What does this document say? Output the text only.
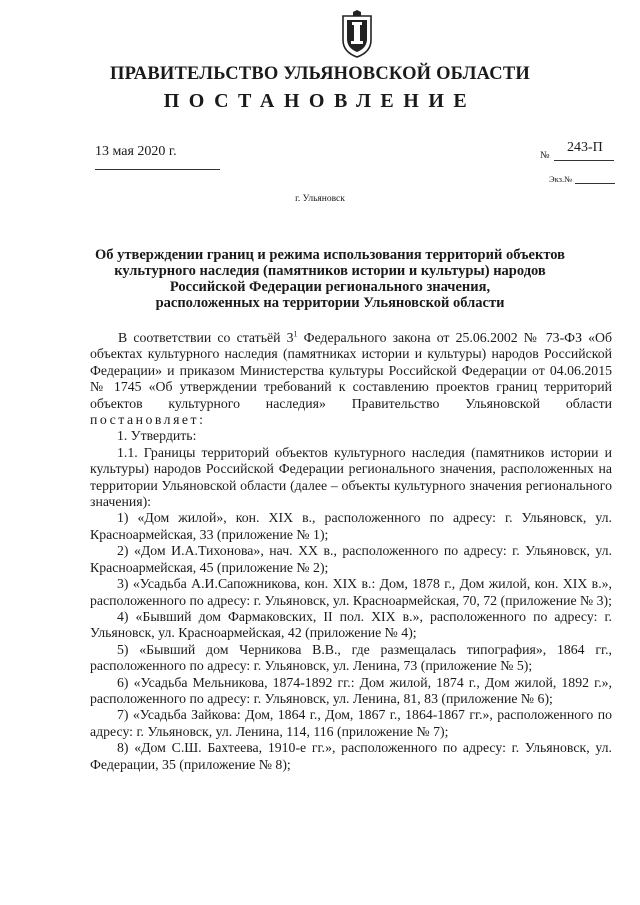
ПРАВИТЕЛЬСТВО УЛЬЯНОВСКОЙ ОБЛАСТИ
ПОСТАНОВЛЕНИЕ
13 мая 2020 г.	№
243-П
Экз.№
г. Ульяновск
Об утверждении границ и режима использования территорий объектов
культурного наследия (памятников истории и культуры) народов
Российской Федерации регионального значения,
расположенных на территории Ульяновской области

В соответствии со статьёй $3^1$ Федерального закона от 25.06.2002 № 73-ФЗ «Об объектах культурного наследия (памятниках истории и культуры) народов Российской Федерации» и приказом Министерства культуры Российской Федерации от 04.06.2015 № 1745 «Об утверждении требований к составлению проектов границ территорий объектов культурного наследия» Правительство Ульяновской области постановляет:

1. Утвердить:

1.1. Границы территорий объектов культурного наследия (памятников истории и культуры) народов Российской Федерации регионального значения, расположенных на территории Ульяновской области (далее – объекты культурного значения регионального значения):

1) «Дом жилой», кон. XIX в., расположенного по адресу: г. Ульяновск, ул. Красноармейская, 33 (приложение № 1);

2) «Дом И.А.Тихонова», нач. XX в., расположенного по адресу: г. Ульяновск, ул. Красноармейская, 45 (приложение № 2);

3) «Усадьба А.И.Сапожникова, кон. XIX в.: Дом, 1878 г., Дом жилой, кон. XIX в.», расположенного по адресу: г. Ульяновск, ул. Красноармейская, 70, 72 (приложение № 3);

4) «Бывший дом Фармаковских, II пол. XIX в.», расположенного по адресу: г. Ульяновск, ул. Красноармейская, 42 (приложение № 4);

5) «Бывший дом Черникова В.В., где размещалась типография», 1864 гг., расположенного по адресу: г. Ульяновск, ул. Ленина, 73 (приложение № 5);

6) «Усадьба Мельникова, 1874-1892 гг.: Дом жилой, 1874 г., Дом жилой, 1892 г.», расположенного по адресу: г. Ульяновск, ул. Ленина, 81, 83 (приложение № 6);

7) «Усадьба Зайкова: Дом, 1864 г., Дом, 1867 г., 1864-1867 гг.», расположенного по адресу: г. Ульяновск, ул. Ленина, 114, 116 (приложение № 7);

8) «Дом С.Ш. Бахтеева, 1910-е гг.», расположенного по адресу: г. Ульяновск, ул. Федерации, 35 (приложение № 8);
